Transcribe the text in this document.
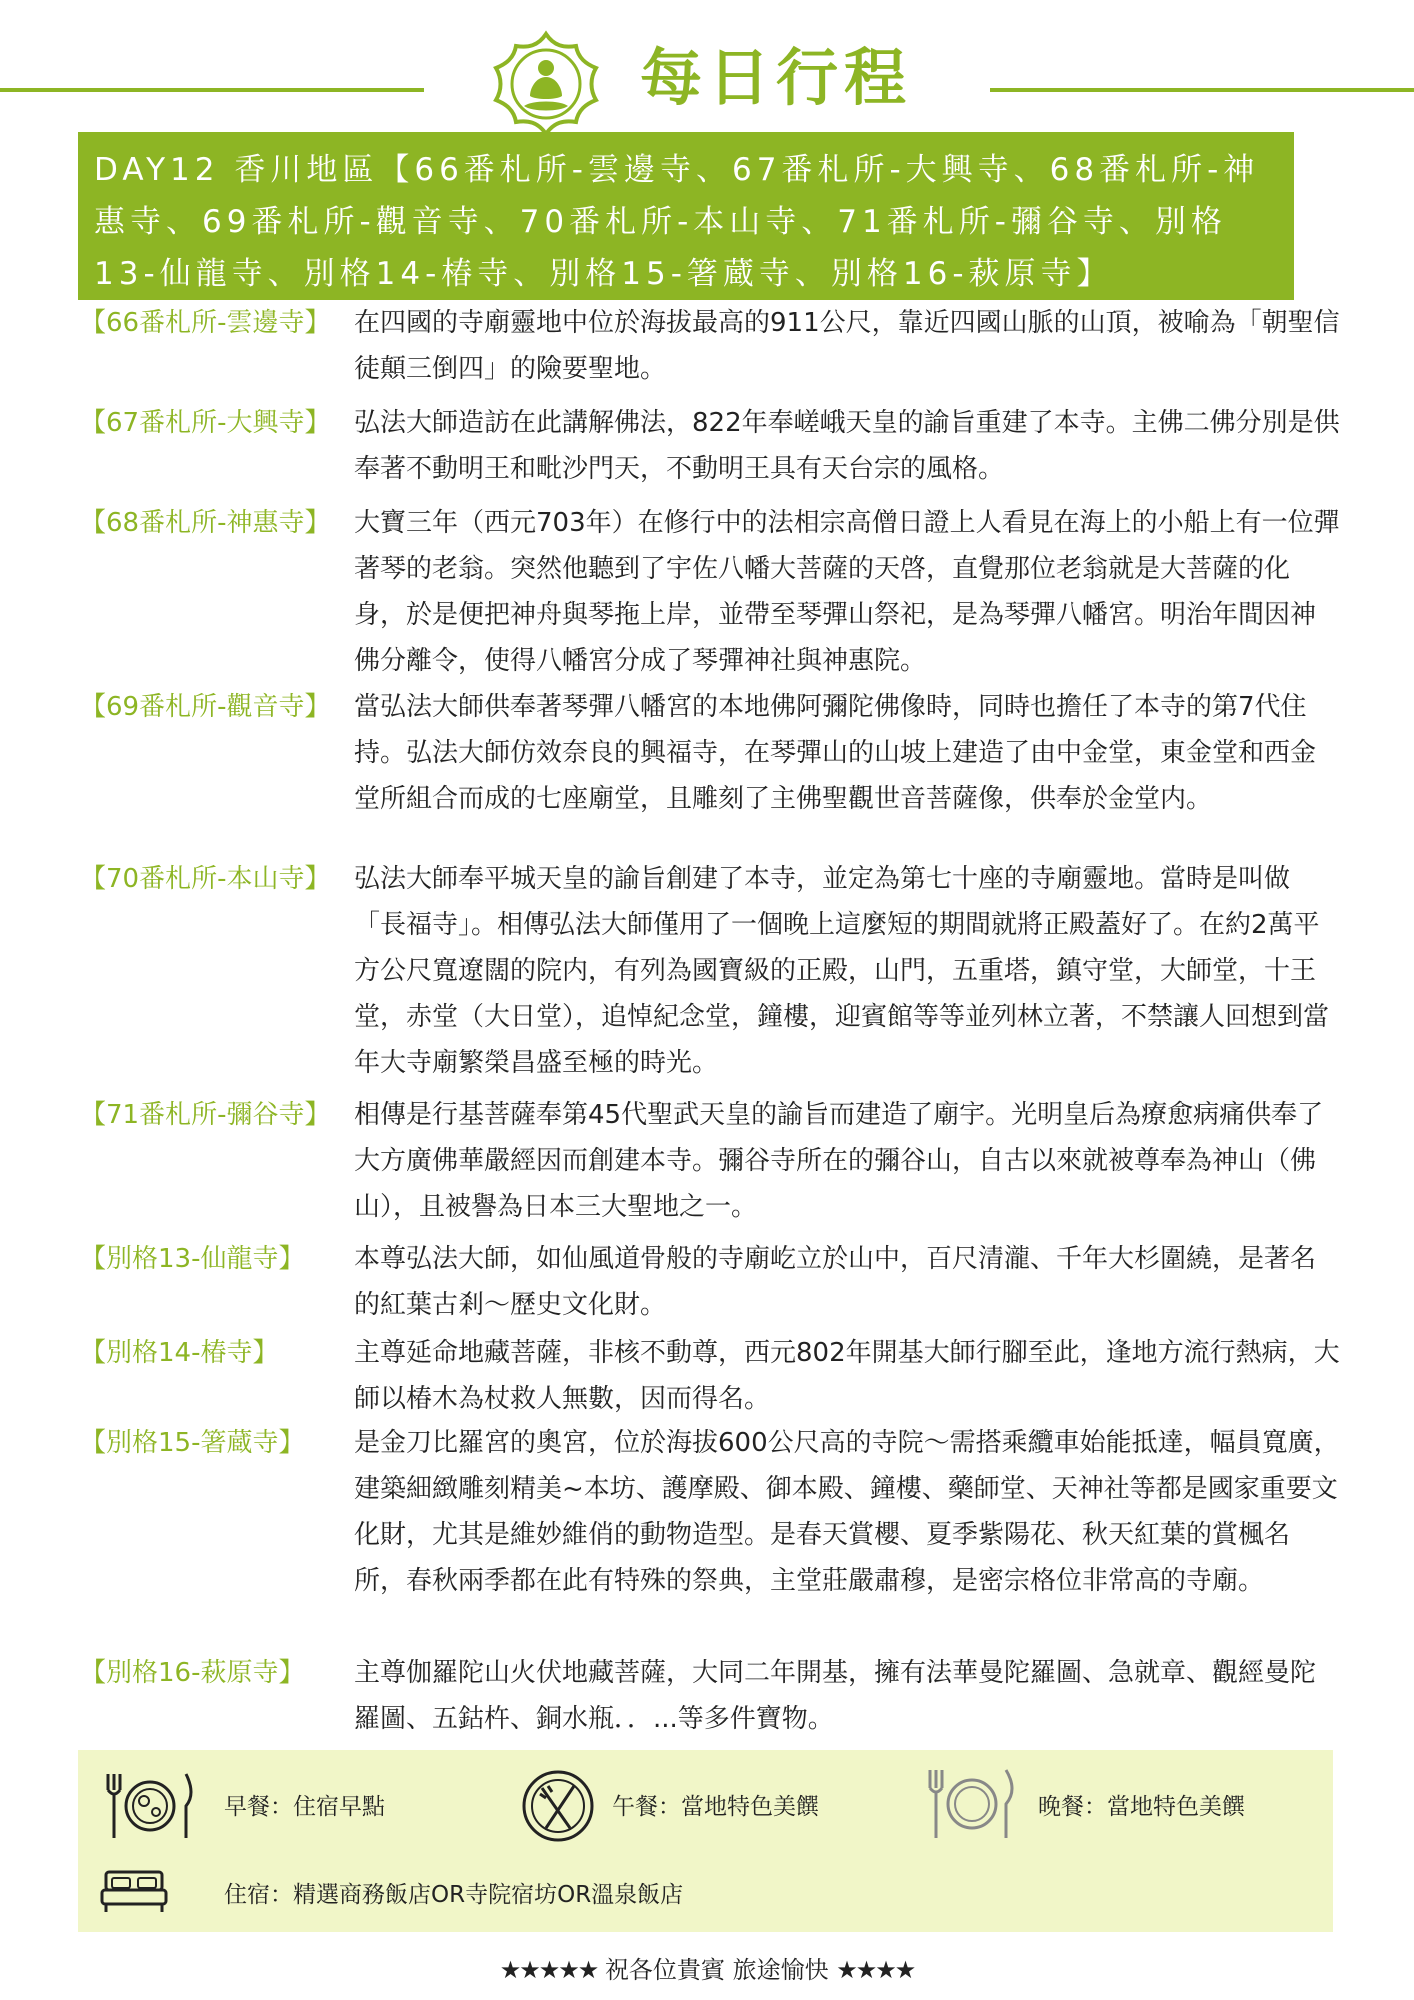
每日行程
DAY12 香川地區【66番札所-雲邊寺、67番札所-大興寺、68番札所-神惠寺、69番札所-觀音寺、70番札所-本山寺、71番札所-彌谷寺、別格13-仙龍寺、別格14-椿寺、別格15-箸蔵寺、別格16-萩原寺】
【66番札所-雲邊寺】 在四國的寺廟靈地中位於海拔最高的911公尺，靠近四國山脈的山頂，被喻為「朝聖信徒顛三倒四」的險要聖地。
【67番札所-大興寺】 弘法大師造訪在此講解佛法，822年奉嵯峨天皇的諭旨重建了本寺。主佛二佛分別是供奉著不動明王和毗沙門天，不動明王具有天台宗的風格。
【68番札所-神惠寺】 大寶三年（西元703年）在修行中的法相宗高僧日證上人看見在海上的小船上有一位彈著琴的老翁。突然他聽到了宇佐八幡大菩薩的天啓，直覺那位老翁就是大菩薩的化身，於是便把神舟與琴拖上岸，並帶至琴彈山祭祀，是為琴彈八幡宮。明治年間因神佛分離令，使得八幡宮分成了琴彈神社與神惠院。
【69番札所-觀音寺】 當弘法大師供奉著琴彈八幡宮的本地佛阿彌陀佛像時，同時也擔任了本寺的第7代住持。弘法大師仿效奈良的興福寺，在琴彈山的山坡上建造了由中金堂，東金堂和西金堂所組合而成的七座廟堂，且雕刻了主佛聖觀世音菩薩像，供奉於金堂内。
【70番札所-本山寺】 弘法大師奉平城天皇的諭旨創建了本寺，並定為第七十座的寺廟靈地。當時是叫做「長福寺」。相傳弘法大師僅用了一個晚上這麼短的期間就將正殿蓋好了。在約2萬平方公尺寬遼闊的院内，有列為國寶級的正殿，山門，五重塔，鎮守堂，大師堂，十王堂，赤堂（大日堂），追悼紀念堂，鐘樓，迎賓館等等並列林立著，不禁讓人回想到當年大寺廟繁榮昌盛至極的時光。
【71番札所-彌谷寺】 相傳是行基菩薩奉第45代聖武天皇的諭旨而建造了廟宇。光明皇后為療愈病痛供奉了大方廣佛華嚴經因而創建本寺。彌谷寺所在的彌谷山，自古以來就被尊奉為神山（佛山），且被譽為日本三大聖地之一。
【別格13-仙龍寺】	本尊弘法大師，如仙風道骨般的寺廟屹立於山中，百尺清瀧、千年大杉圍繞，是著名的紅葉古剎～歷史文化財。
【別格14-椿寺】	主尊延命地藏菩薩，非核不動尊，西元802年開基大師行腳至此，逢地方流行熱病，大師以椿木為杖救人無數，因而得名。
【別格15-箸蔵寺】	是金刀比羅宮的奧宮，位於海拔600公尺高的寺院～需搭乘纜車始能抵達，幅員寬廣，建築細緻雕刻精美~本坊、護摩殿、御本殿、鐘樓、藥師堂、天神社等都是國家重要文化財，尤其是維妙維俏的動物造型。是春天賞櫻、夏季紫陽花、秋天紅葉的賞楓名所，春秋兩季都在此有特殊的祭典，主堂莊嚴肅穆，是密宗格位非常高的寺廟。
【別格16-萩原寺】	主尊伽羅陀山火伏地藏菩薩，大同二年開基，擁有法華曼陀羅圖、急就章、觀經曼陀羅圖、五鈷杵、銅水瓶．．...等多件寶物。
早餐：住宿早點	午餐：當地特色美饌	晚餐：當地特色美饌
住宿：精選商務飯店OR寺院宿坊OR溫泉飯店
★★★★★ 祝各位貴賓 旅途愉快 ★★★★
